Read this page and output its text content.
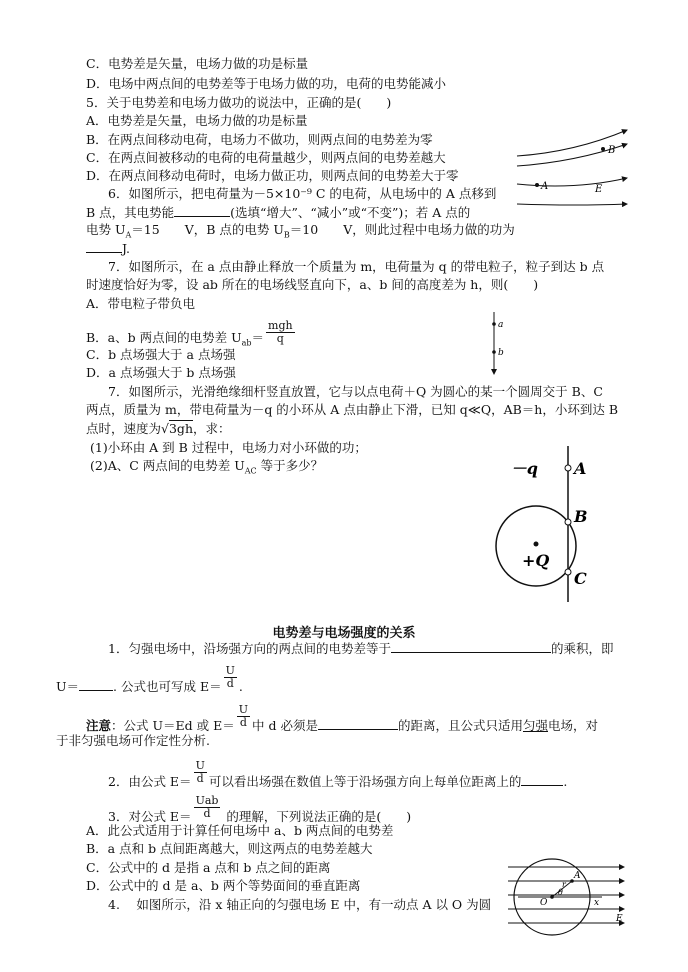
C．电势差是矢量，电场力做的功是标量
D．电场中两点间的电势差等于电场力做的功，电荷的电势能减小
5．关于电势差和电场力做功的说法中，正确的是(　　)
A．电势差是矢量，电场力做的功是标量
B．在两点间移动电荷，电场力不做功，则两点间的电势差为零
C．在两点间被移动的电荷的电荷量越少，则两点间的电势差越大
D．在两点间移动电荷时，电场力做正功，则两点间的电势差大于零
6．如图所示，把电荷量为－5×10⁻⁹ C 的电荷，从电场中的 A 点移到
B 点，其电势能	(选填“增大”、“减小”或“不变”)；若 A 点的
电势 $U_A=15$　　V，B 点的电势 $U_B=10$　　V，则此过程中电场力做的功为
J.
7．如图所示，在 a 点由静止释放一个质量为 m，电荷量为 q 的带电粒子，粒子到达 b 点
时速度恰好为零，设 ab 所在的电场线竖直向下，a、b 间的高度差为 h，则(　　)
A．带电粒子带负电
B．a、b 两点间的电势差 $U_{ab}= \frac{\text{mgh}}{q}$
C．b 点场强大于 a 点场强
D．a 点场强大于 b 点场强
7．如图所示，光滑绝缘细杆竖直放置，它与以点电荷＋Q 为圆心的某一个圆周交于 B、C
两点，质量为 m，带电荷量为－q 的小环从 A 点由静止下滑，已知 q≪Q，AB＝h，小环到达 B
点时，速度为√3gh，求：
(1)小环由 A 到 B 过程中，电场力对小环做的功；
(2)A、C 两点间的电势差 $U_{AC}$ 等于多少？
B
A	E
a
b
－q A
B
+Q
C
电势差与电场强度的关系
1．匀强电场中，沿场强方向的两点间的电势差等于	的乘积，即
U＝	. 公式也可写成 $E= \frac{U}{d}$ .
注意：公式 U＝Ed 或 $E= \frac{U}{d}$ 中 d 必须是	的距离，且公式只适用匀强电场，对
于非匀强电场可作定性分析.
2．由公式 $E= \frac{U}{d}$ 可以看出场强在数值上等于沿场强方向上每单位距离上的	.
3．对公式 $E= \frac{\text{Uab}}{d}$ 的理解，下列说法正确的是(　　)
A．此公式适用于计算任何电场中 a、b 两点间的电势差
B．a 点和 b 点间距离越大，则这两点的电势差越大
C．公式中的 d 是指 a 点和 b 点之间的距离
D．公式中的 d 是 a、b 两个等势面间的垂直距离
4.　 如图所示，沿 x 轴正向的匀强电场 E 中，有一动点 A 以 O 为圆
A
r
θ
O	x
E
